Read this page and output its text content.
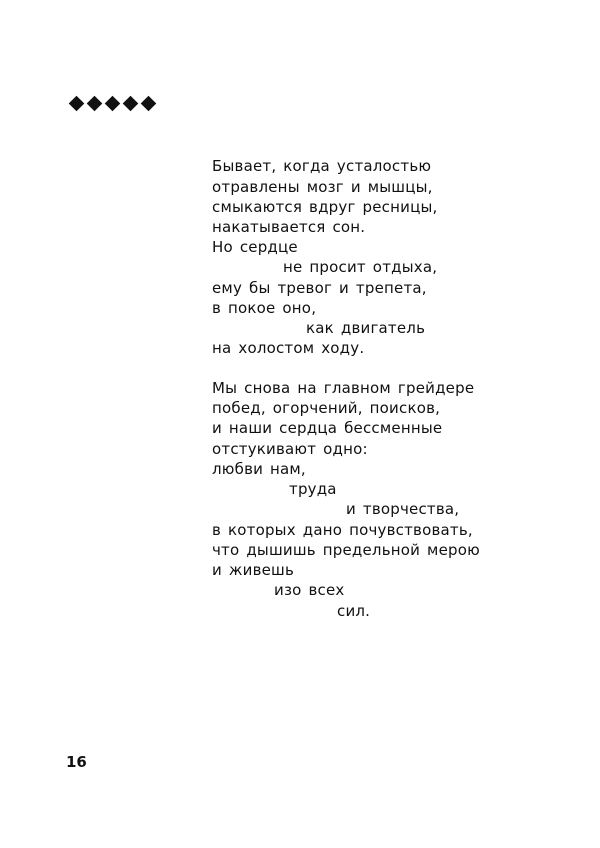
Бывает, когда усталостью
отравлены мозг и мышцы,
смыкаются вдруг ресницы,
накатывается сон.
Но сердце
не просит отдыха,
ему бы тревог и трепета,
в покое оно,
как двигатель
на холостом ходу.
Мы снова на главном грейдере
побед, огорчений, поисков,
и наши сердца бессменные
отстукивают одно:
любви нам,
труда
и творчества,
в которых дано почувствовать,
что дышишь предельной мерою
и живешь
изо всех
сил.
16
